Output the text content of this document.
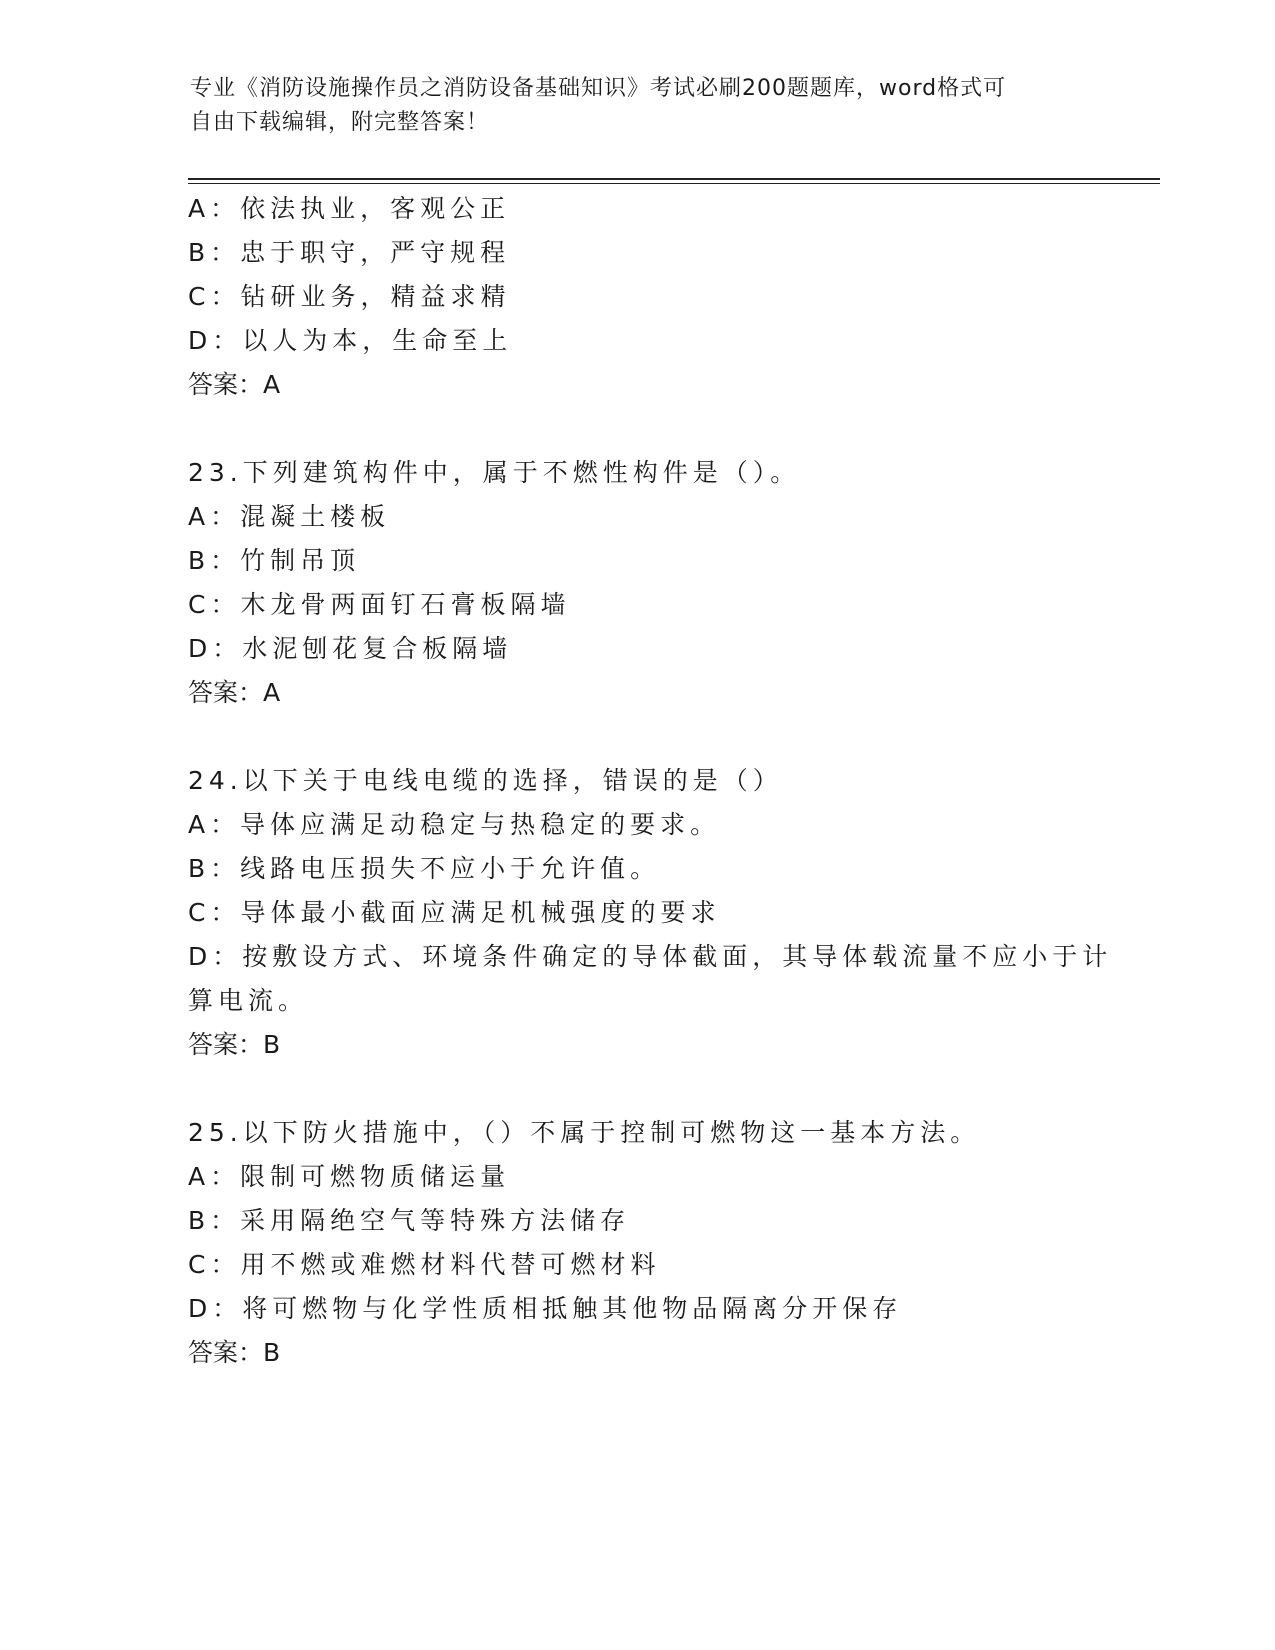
专业《消防设施操作员之消防设备基础知识》考试必刷200题题库，word格式可
自由下载编辑，附完整答案！
A：依法执业，客观公正
B：忠于职守，严守规程
C：钻研业务，精益求精
D：以人为本，生命至上
答案：A
23.下列建筑构件中，属于不燃性构件是（）。
A：混凝土楼板
B：竹制吊顶
C：木龙骨两面钉石膏板隔墙
D：水泥刨花复合板隔墙
答案：A
24.以下关于电线电缆的选择，错误的是（）
A：导体应满足动稳定与热稳定的要求。
B：线路电压损失不应小于允许值。
C：导体最小截面应满足机械强度的要求
D：按敷设方式、环境条件确定的导体截面，其导体载流量不应小于计
算电流。
答案：B
25.以下防火措施中，（）不属于控制可燃物这一基本方法。
A：限制可燃物质储运量
B：采用隔绝空气等特殊方法储存
C：用不燃或难燃材料代替可燃材料
D：将可燃物与化学性质相抵触其他物品隔离分开保存
答案：B
